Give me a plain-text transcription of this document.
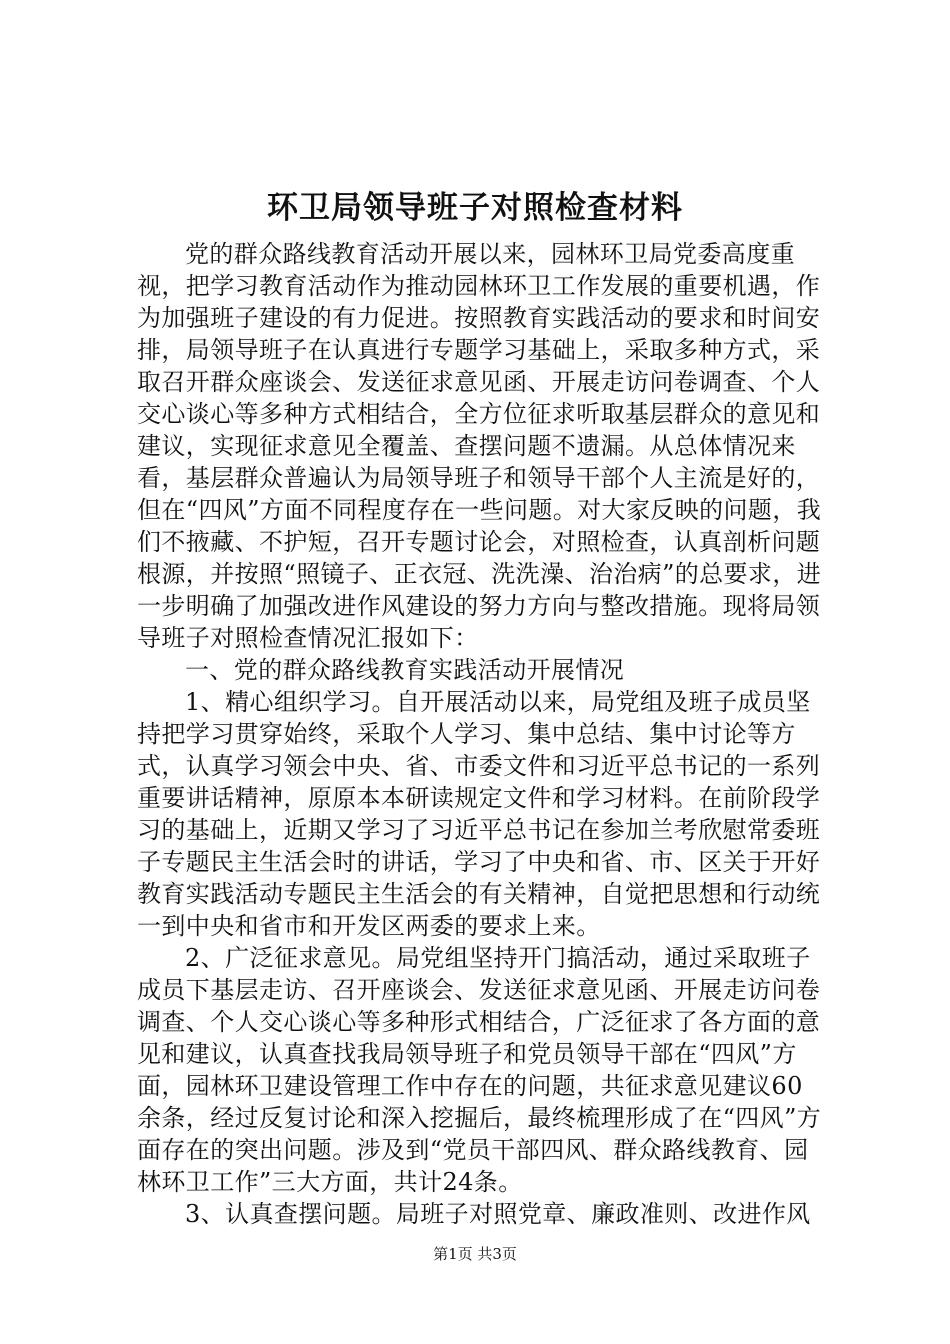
环卫局领导班子对照检查材料

党的群众路线教育活动开展以来，园林环卫局党委高度重视，把学习教育活动作为推动园林环卫工作发展的重要机遇，作为加强班子建设的有力促进。按照教育实践活动的要求和时间安排，局领导班子在认真进行专题学习基础上，采取多种方式，采取召开群众座谈会、发送征求意见函、开展走访问卷调查、个人交心谈心等多种方式相结合，全方位征求听取基层群众的意见和建议，实现征求意见全覆盖、查摆问题不遗漏。从总体情况来看，基层群众普遍认为局领导班子和领导干部个人主流是好的，但在“四风”方面不同程度存在一些问题。对大家反映的问题，我们不掖藏、不护短，召开专题讨论会，对照检查，认真剖析问题根源，并按照“照镜子、正衣冠、洗洗澡、治治病”的总要求，进一步明确了加强改进作风建设的努力方向与整改措施。现将局领导班子对照检查情况汇报如下：

一、党的群众路线教育实践活动开展情况

1、精心组织学习。自开展活动以来，局党组及班子成员坚持把学习贯穿始终，采取个人学习、集中总结、集中讨论等方式，认真学习领会中央、省、市委文件和习近平总书记的一系列重要讲话精神，原原本本研读规定文件和学习材料。在前阶段学习的基础上，近期又学习了习近平总书记在参加兰考欣慰常委班子专题民主生活会时的讲话，学习了中央和省、市、区关于开好教育实践活动专题民主生活会的有关精神，自觉把思想和行动统一到中央和省市和开发区两委的要求上来。

2、广泛征求意见。局党组坚持开门搞活动，通过采取班子成员下基层走访、召开座谈会、发送征求意见函、开展走访问卷调查、个人交心谈心等多种形式相结合，广泛征求了各方面的意见和建议，认真查找我局领导班子和党员领导干部在“四风”方面，园林环卫建设管理工作中存在的问题，共征求意见建议60余条，经过反复讨论和深入挖掘后，最终梳理形成了在“四风”方面存在的突出问题。涉及到“党员干部四风、群众路线教育、园林环卫工作”三大方面，共计24条。

3、认真查摆问题。局班子对照党章、廉政准则、改进作风

第1页 共3页
